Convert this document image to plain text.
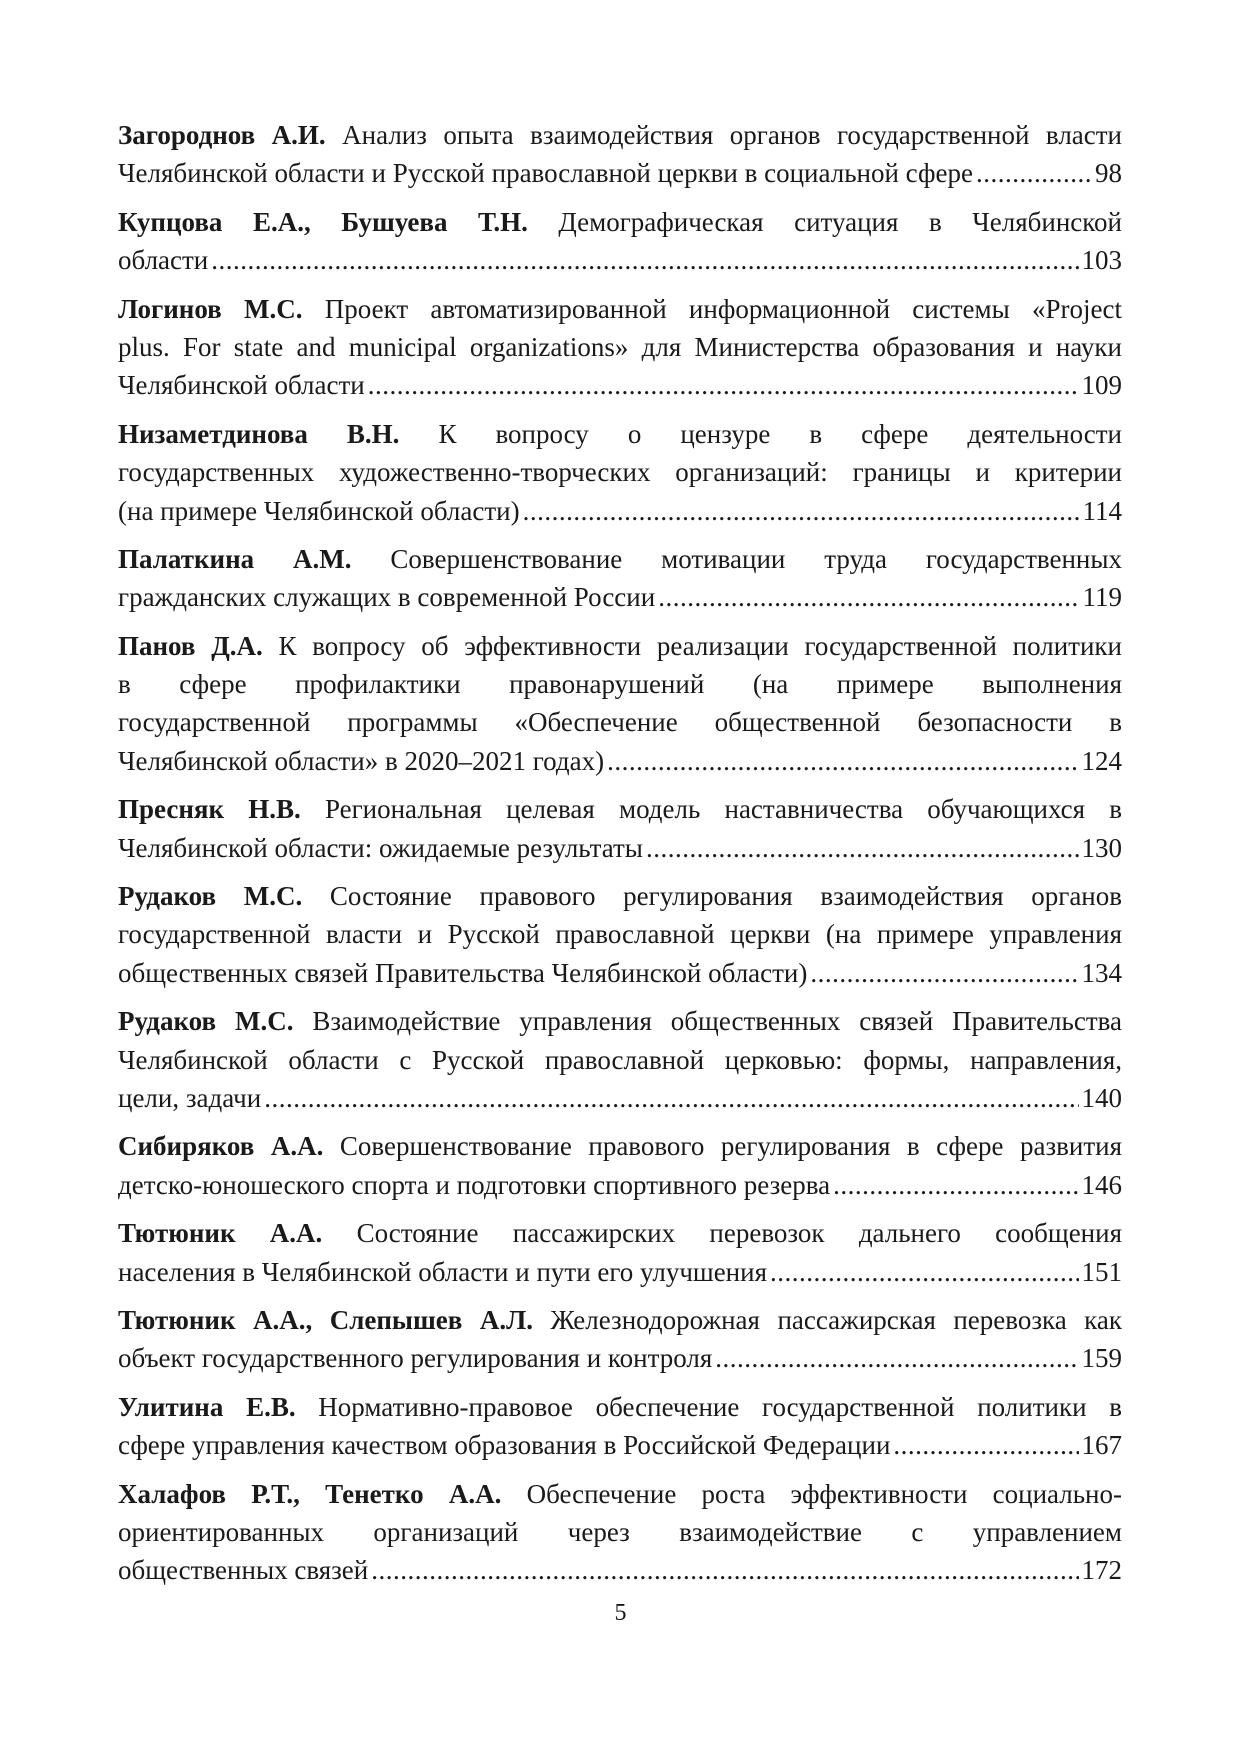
Загороднов А.И. Анализ опыта взаимодействия органов государственной власти
Челябинской области и Русской православной церкви в социальной сфере .....	98
Купцова Е.А., Бушуева Т.Н. Демографическая ситуация в Челябинской
области .....	103
Логинов М.С. Проект автоматизированной информационной системы «Project
plus. For state and municipal organizations» для Министерства образования и науки
Челябинской области .....	109
Низаметдинова В.Н. К вопросу о цензуре в сфере деятельности
государственных художественно-творческих организаций: границы и критерии
(на примере Челябинской области) .....	114
Палаткина А.М. Совершенствование мотивации труда государственных
гражданских служащих в современной России .....	119
Панов Д.А. К вопросу об эффективности реализации государственной политики
в сфере профилактики правонарушений (на примере выполнения
государственной программы «Обеспечение общественной безопасности в
Челябинской области» в 2020–2021 годах) .....	124
Пресняк Н.В. Региональная целевая модель наставничества обучающихся в
Челябинской области: ожидаемые результаты .....	130
Рудаков М.С. Состояние правового регулирования взаимодействия органов
государственной власти и Русской православной церкви (на примере управления
общественных связей Правительства Челябинской области) .....	134
Рудаков М.С. Взаимодействие управления общественных связей Правительства
Челябинской области с Русской православной церковью: формы, направления,
цели, задачи .....	140
Сибиряков А.А. Совершенствование правового регулирования в сфере развития
детско-юношеского спорта и подготовки спортивного резерва .....	146
Тютюник А.А. Состояние пассажирских перевозок дальнего сообщения
населения в Челябинской области и пути его улучшения .....	151
Тютюник А.А., Слепышев А.Л. Железнодорожная пассажирская перевозка как
объект государственного регулирования и контроля .....	159
Улитина Е.В. Нормативно-правовое обеспечение государственной политики в
сфере управления качеством образования в Российской Федерации .....	167
Халафов Р.Т., Тенетко А.А. Обеспечение роста эффективности социально-
ориентированных организаций через взаимодействие с управлением
общественных связей .....	172
5
